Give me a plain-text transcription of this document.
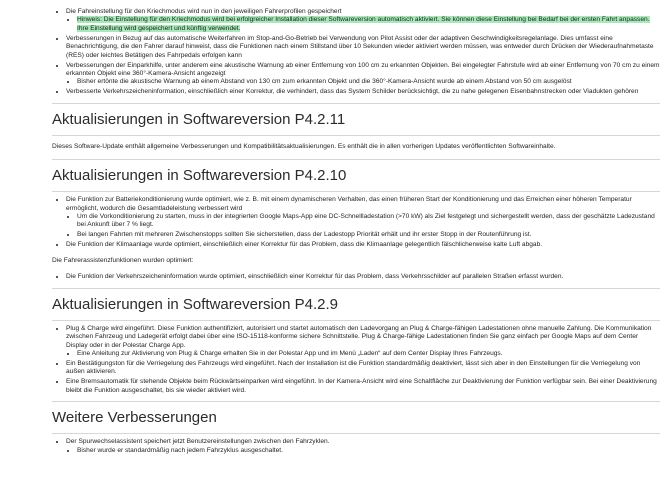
• Die Fahreinstellung für den Kriechmodus wird nun in den jeweiligen Fahrerprofilen gespeichert
• Hinweis: Die Einstellung für den Kriechmodus wird bei erfolgreicher Installation dieser Softwareversion automatisch aktiviert. Sie können diese Einstellung bei Bedarf bei der ersten Fahrt anpassen. Ihre Einstellung wird gespeichert und künftig verwendet.
• Verbesserungen in Bezug auf das automatische Weiterfahren im Stop-and-Go-Betrieb bei Verwendung von Pilot Assist oder der adaptiven Geschwindigkeitsregelanlage. Dies umfasst eine Benachrichtigung, die den Fahrer darauf hinweist, dass die Funktionen nach einem Stillstand über 10 Sekunden wieder aktiviert werden müssen, was entweder durch Drücken der Wiederaufnahmetaste (RES) oder leichtes Betätigen des Fahrpedals erfolgen kann
• Verbesserungen der Einparkhilfe, unter anderem eine akustische Warnung ab einer Entfernung von 100 cm zu erkannten Objekten. Bei eingelegter Fahrstufe wird ab einer Entfernung von 70 cm zu einem erkannten Objekt eine 360°-Kamera-Ansicht angezeigt
• Bisher ertönte die akustische Warnung ab einem Abstand von 130 cm zum erkannten Objekt und die 360°-Kamera-Ansicht wurde ab einem Abstand von 50 cm ausgelöst
• Verbesserte Verkehrszeicheninformation, einschließlich einer Korrektur, die verhindert, dass das System Schilder berücksichtigt, die zu nahe gelegenen Eisenbahnstrecken oder Viadukten gehören
Aktualisierungen in Softwareversion P4.2.11

Dieses Software-Update enthält allgemeine Verbesserungen und Kompatibilitätsaktualisierungen. Es enthält die in allen vorherigen Updates veröffentlichten Softwareinhalte.

Aktualisierungen in Softwareversion P4.2.10
• Die Funktion zur Batteriekonditionierung wurde optimiert, wie z. B. mit einem dynamischeren Verhalten, das einen früheren Start der Konditionierung und das Erreichen einer höheren Temperatur ermöglicht, wodurch die Gesamtladeleistung verbessert wird
• Um die Vorkonditionierung zu starten, muss in der integrierten Google Maps-App eine DC-Schnellladestation (>70 kW) als Ziel festgelegt und sichergestellt werden, dass der geschätzte Ladezustand bei Ankunft über 7 % liegt.
• Bei langen Fahrten mit mehreren Zwischenstopps sollten Sie sicherstellen, dass der Ladestopp Priorität erhält und ihr erster Stopp in der Routenführung ist.
• Die Funktion der Klimaanlage wurde optimiert, einschließlich einer Korrektur für das Problem, dass die Klimaanlage gelegentlich fälschlicherweise kalte Luft abgab.

Die Fahrerassistenzfunktionen wurden optimiert:

• Die Funktion der Verkehrszeicheninformation wurde optimiert, einschließlich einer Korrektur für das Problem, dass Verkehrsschilder auf parallelen Straßen erfasst wurden.
Aktualisierungen in Softwareversion P4.2.9
• Plug & Charge wird eingeführt. Diese Funktion authentifiziert, autorisiert und startet automatisch den Ladevorgang an Plug & Charge-fähigen Ladestationen ohne manuelle Zahlung. Die Kommunikation zwischen Fahrzeug und Ladegerät erfolgt dabei über eine ISO-15118-konforme sichere Schnittstelle. Plug & Charge-fähige Ladestationen finden Sie ganz einfach per Google Maps auf dem Center Display oder in der Polestar Charge App.
• Eine Anleitung zur Aktivierung von Plug & Charge erhalten Sie in der Polestar App und im Menü „Laden“ auf dem Center Display Ihres Fahrzeugs.
• Ein Bestätigungston für die Verriegelung des Fahrzeugs wird eingeführt. Nach der Installation ist die Funktion standardmäßig deaktiviert, lässt sich aber in den Einstellungen für die Verriegelung von außen aktivieren.
• Eine Bremsautomatik für stehende Objekte beim Rückwärtseinparken wird eingeführt. In der Kamera-Ansicht wird eine Schaltfläche zur Deaktivierung der Funktion verfügbar sein. Bei einer Deaktivierung bleibt die Funktion ausgeschaltet, bis sie wieder aktiviert wird.
Weitere Verbesserungen
• Der Spurwechselassistent speichert jetzt Benutzereinstellungen zwischen den Fahrzyklen.
• Bisher wurde er standardmäßig nach jedem Fahrzyklus ausgeschaltet.
